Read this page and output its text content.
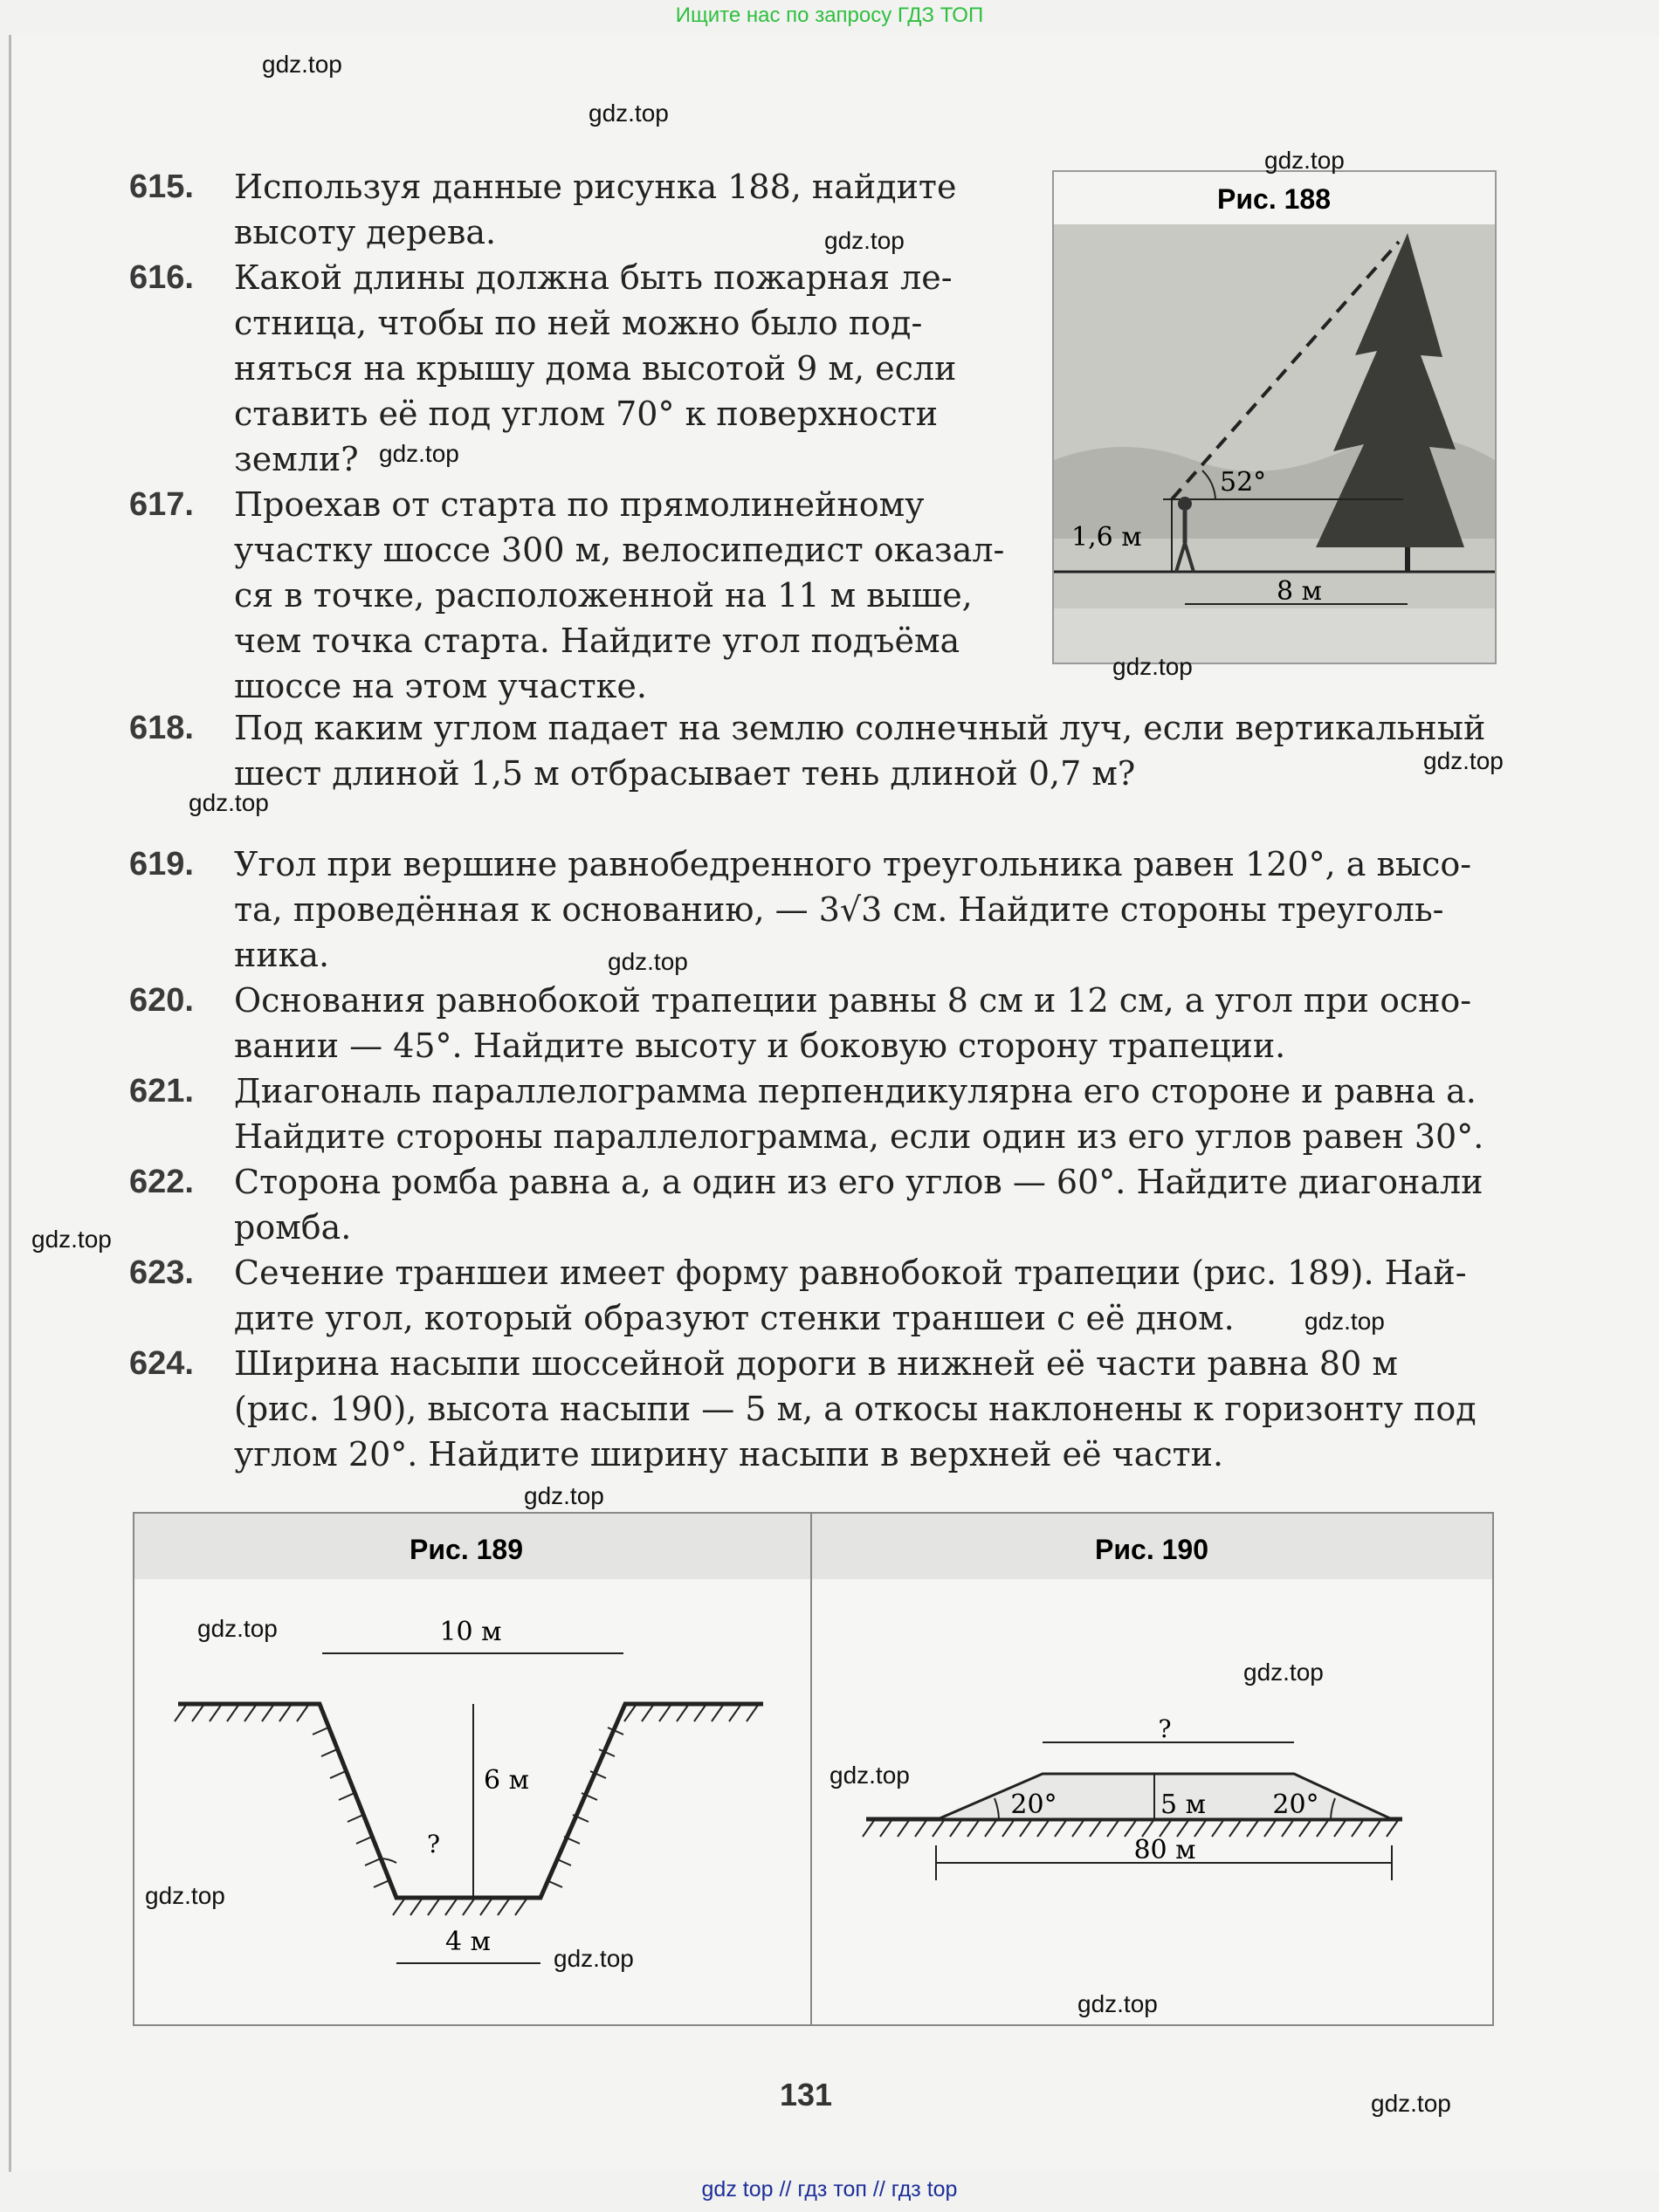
Ищите нас по запросу ГДЗ ТОП
615. Используя данные рисунка 188, найдите
высоту дерева.
616. Какой длины должна быть пожарная ле-
стница, чтобы по ней можно было под-
няться на крышу дома высотой 9 м, если
ставить её под углом 70° к поверхности
земли?
617. Проехав от старта по прямолинейному
участку шоссе 300 м, велосипедист оказал-
ся в точке, расположенной на 11 м выше,
чем точка старта. Найдите угол подъёма
шоссе на этом участке.
618. Под каким углом падает на землю солнечный луч, если вертикальный
шест длиной 1,5 м отбрасывает тень длиной 0,7 м?
619. Угол при вершине равнобедренного треугольника равен 120°, а высо-
та, проведённая к основанию, — 3√3 см. Найдите стороны треуголь-
ника.
620. Основания равнобокой трапеции равны 8 см и 12 см, а угол при осно-
вании — 45°. Найдите высоту и боковую сторону трапеции.
621. Диагональ параллелограмма перпендикулярна его стороне и равна a.
Найдите стороны параллелограмма, если один из его углов равен 30°.
622. Сторона ромба равна a, а один из его углов — 60°. Найдите диагонали
ромба.
623. Сечение траншеи имеет форму равнобокой трапеции (рис. 189). Най-
дите угол, который образуют стенки траншеи с её дном.
624. Ширина насыпи шоссейной дороги в нижней её части равна 80 м
(рис. 190), высота насыпи — 5 м, а откосы наклонены к горизонту под
углом 20°. Найдите ширину насыпи в верхней её части.
Рис. 188
52°
1,6 м
8 м
Рис. 189	Рис. 190
10 м
6 м
?
4 м
?
20°	5 м	20°
80 м
131
gdz.top
gdz.top
gdz.top
gdz.top
gdz.top
gdz.top
gdz.top
gdz.top
gdz.top
gdz.top
gdz.top
gdz.top
gdz.top
gdz.top
gdz.top
gdz.top
gdz.top
gdz.top
gdz.top
gdz top // гдз топ // гдз top
